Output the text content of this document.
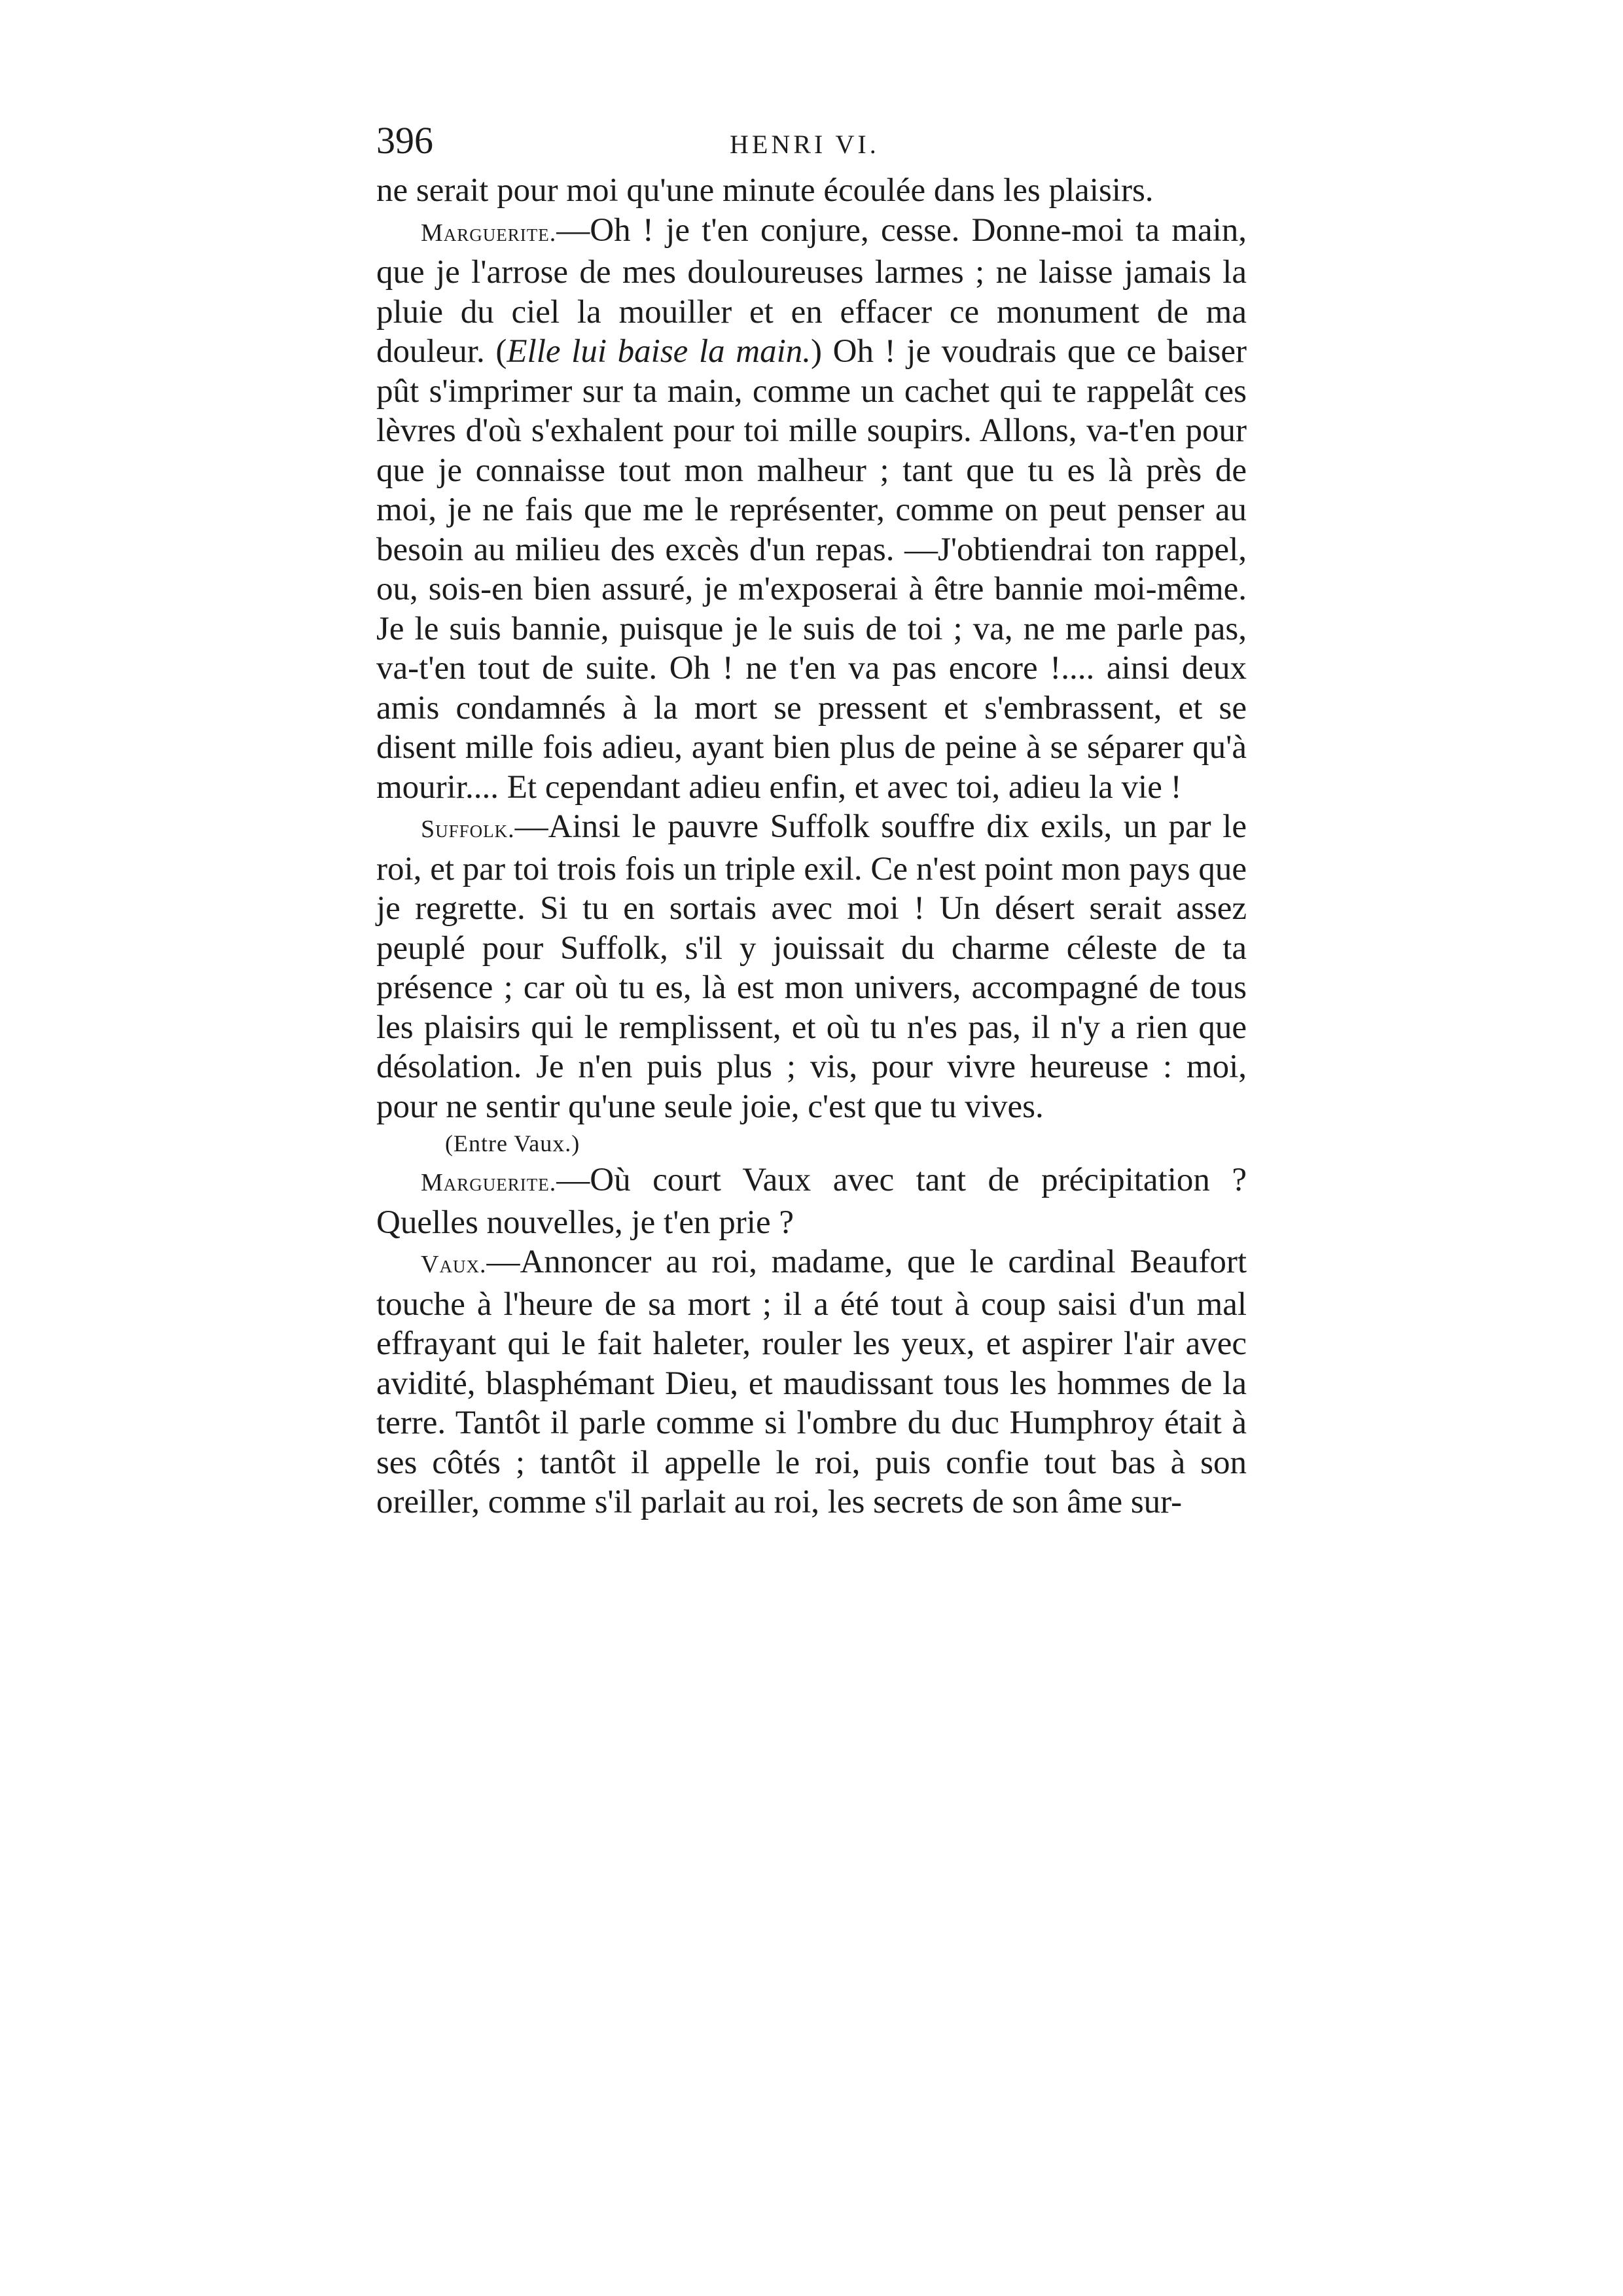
396	HENRI VI.

ne serait pour moi qu'une minute écoulée dans les plaisirs.

Marguerite.—Oh ! je t'en conjure, cesse. Donne-moi ta main, que je l'arrose de mes douloureuses larmes ; ne laisse jamais la pluie du ciel la mouiller et en effacer ce monument de ma douleur. (Elle lui baise la main.) Oh ! je voudrais que ce baiser pût s'imprimer sur ta main, comme un cachet qui te rappelât ces lèvres d'où s'exhalent pour toi mille soupirs. Allons, va-t'en pour que je connaisse tout mon malheur ; tant que tu es là près de moi, je ne fais que me le représenter, comme on peut penser au besoin au milieu des excès d'un repas. —J'obtiendrai ton rappel, ou, sois-en bien assuré, je m'exposerai à être bannie moi-même. Je le suis bannie, puisque je le suis de toi ; va, ne me parle pas, va-t'en tout de suite. Oh ! ne t'en va pas encore !.... ainsi deux amis condamnés à la mort se pressent et s'embrassent, et se disent mille fois adieu, ayant bien plus de peine à se séparer qu'à mourir.... Et cependant adieu enfin, et avec toi, adieu la vie !

Suffolk.—Ainsi le pauvre Suffolk souffre dix exils, un par le roi, et par toi trois fois un triple exil. Ce n'est point mon pays que je regrette. Si tu en sortais avec moi ! Un désert serait assez peuplé pour Suffolk, s'il y jouissait du charme céleste de ta présence ; car où tu es, là est mon univers, accompagné de tous les plaisirs qui le remplissent, et où tu n'es pas, il n'y a rien que désolation. Je n'en puis plus ; vis, pour vivre heureuse : moi, pour ne sentir qu'une seule joie, c'est que tu vives.

(Entre Vaux.)

Marguerite.—Où court Vaux avec tant de précipitation ? Quelles nouvelles, je t'en prie ?

Vaux.—Annoncer au roi, madame, que le cardinal Beaufort touche à l'heure de sa mort ; il a été tout à coup saisi d'un mal effrayant qui le fait haleter, rouler les yeux, et aspirer l'air avec avidité, blasphémant Dieu, et maudissant tous les hommes de la terre. Tantôt il parle comme si l'ombre du duc Humphroy était à ses côtés ; tantôt il appelle le roi, puis confie tout bas à son oreiller, comme s'il parlait au roi, les secrets de son âme sur-
